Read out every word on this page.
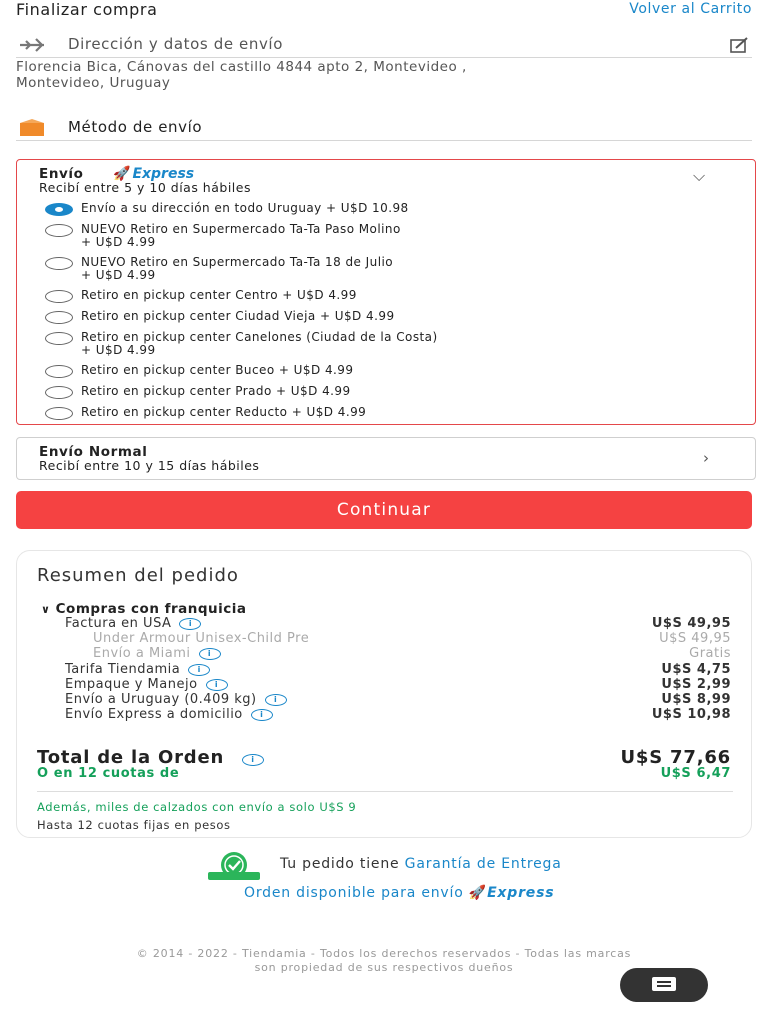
Finalizar compra	Volver al Carrito
Dirección y datos de envío
Florencia Bica, Cánovas del castillo 4844 apto 2, Montevideo ,
Montevideo, Uruguay
Método de envío
Envío 🚀 Express
Recibí entre 5 y 10 días hábiles
⌵
Envío a su dirección en todo Uruguay + U$D 10.98
NUEVO Retiro en Supermercado Ta-Ta Paso Molino
+ U$D 4.99
NUEVO Retiro en Supermercado Ta-Ta 18 de Julio
+ U$D 4.99
Retiro en pickup center Centro + U$D 4.99
Retiro en pickup center Ciudad Vieja + U$D 4.99
Retiro en pickup center Canelones (Ciudad de la Costa)
+ U$D 4.99
Retiro en pickup center Buceo + U$D 4.99
Retiro en pickup center Prado + U$D 4.99
Retiro en pickup center Reducto + U$D 4.99
Envío Normal
Recibí entre 10 y 15 días hábiles	›
Continuar
Resumen del pedido
∨ Compras con franquicia
Factura en USA i	U$S 49,95
Under Armour Unisex-Child Pre	U$S 49,95
Envío a Miami i	Gratis
Tarifa Tiendamia i	U$S 4,75
Empaque y Manejo i	U$S 2,99
Envío a Uruguay (0.409 kg) i	U$S 8,99
Envío Express a domicilio i	U$S 10,98
Total de la Orden	i	U$S 77,66
O en 12 cuotas de	U$S 6,47
Además, miles de calzados con envío a solo U$S 9
Hasta 12 cuotas fijas en pesos
Tu pedido tiene Garantía de Entrega
Orden disponible para envío 🚀Express
© 2014 - 2022 - Tiendamia - Todos los derechos reservados - Todas las marcas
son propiedad de sus respectivos dueños
